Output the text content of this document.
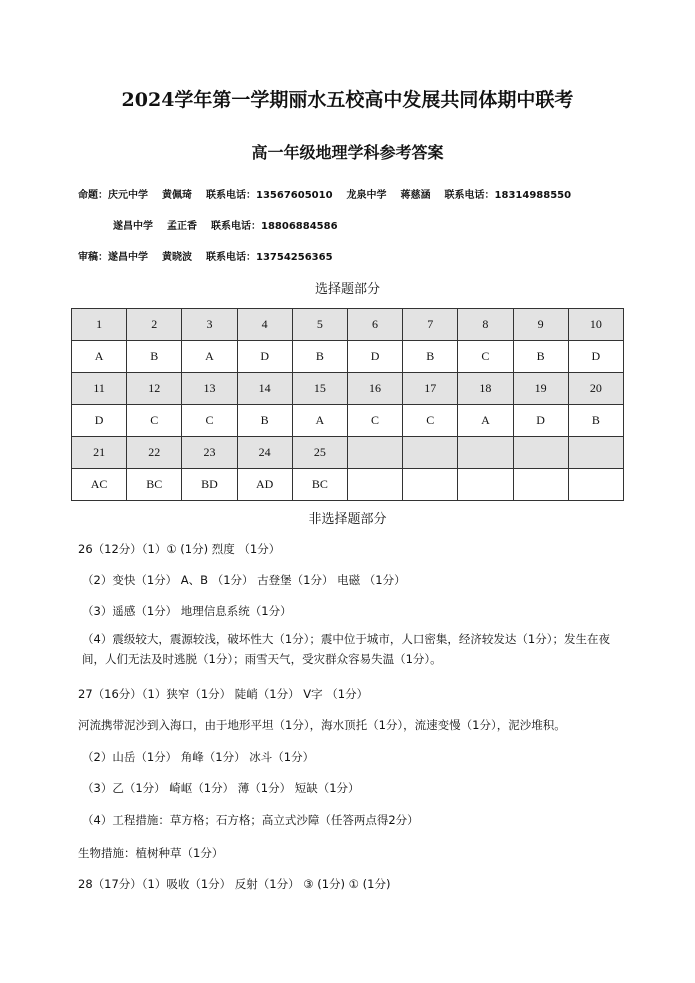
2024学年第一学期丽水五校高中发展共同体期中联考
高一年级地理学科参考答案
命题：庆元中学 黄佩琦 联系电话：13567605010 龙泉中学 蒋慈涵 联系电话：18314988550
遂昌中学 孟正香 联系电话：18806884586
审稿：遂昌中学 黄晓波 联系电话：13754256365
选择题部分
1	2	3	4	5	6	7	8	9	10
A	B	A	D	B	D	B	C	B	D
11	12	13	14	15	16	17	18	19	20
D	C	C	B	A	C	C	A	D	B
21	22	23	24	25					
AC	BC	BD	AD	BC					
非选择题部分
26（12分）（1）① (1分) 烈度 （1分）
（2）变快（1分） A、B （1分） 古登堡（1分） 电磁 （1分）
（3）遥感（1分） 地理信息系统（1分）
（4）震级较大，震源较浅，破坏性大（1分）；震中位于城市，人口密集，经济较发达（1分）；发生在夜间，人们无法及时逃脱（1分）；雨雪天气，受灾群众容易失温（1分）。
27（16分）（1）狭窄（1分） 陡峭（1分） V字 （1分）
河流携带泥沙到入海口，由于地形平坦（1分），海水顶托（1分），流速变慢（1分），泥沙堆积。
（2）山岳（1分） 角峰（1分） 冰斗（1分）
（3）乙（1分） 崎岖（1分） 薄（1分） 短缺（1分）
（4）工程措施：草方格；石方格；高立式沙障（任答两点得2分）
生物措施：植树种草（1分）
28（17分）（1）吸收（1分） 反射（1分） ③ (1分) ① (1分)
